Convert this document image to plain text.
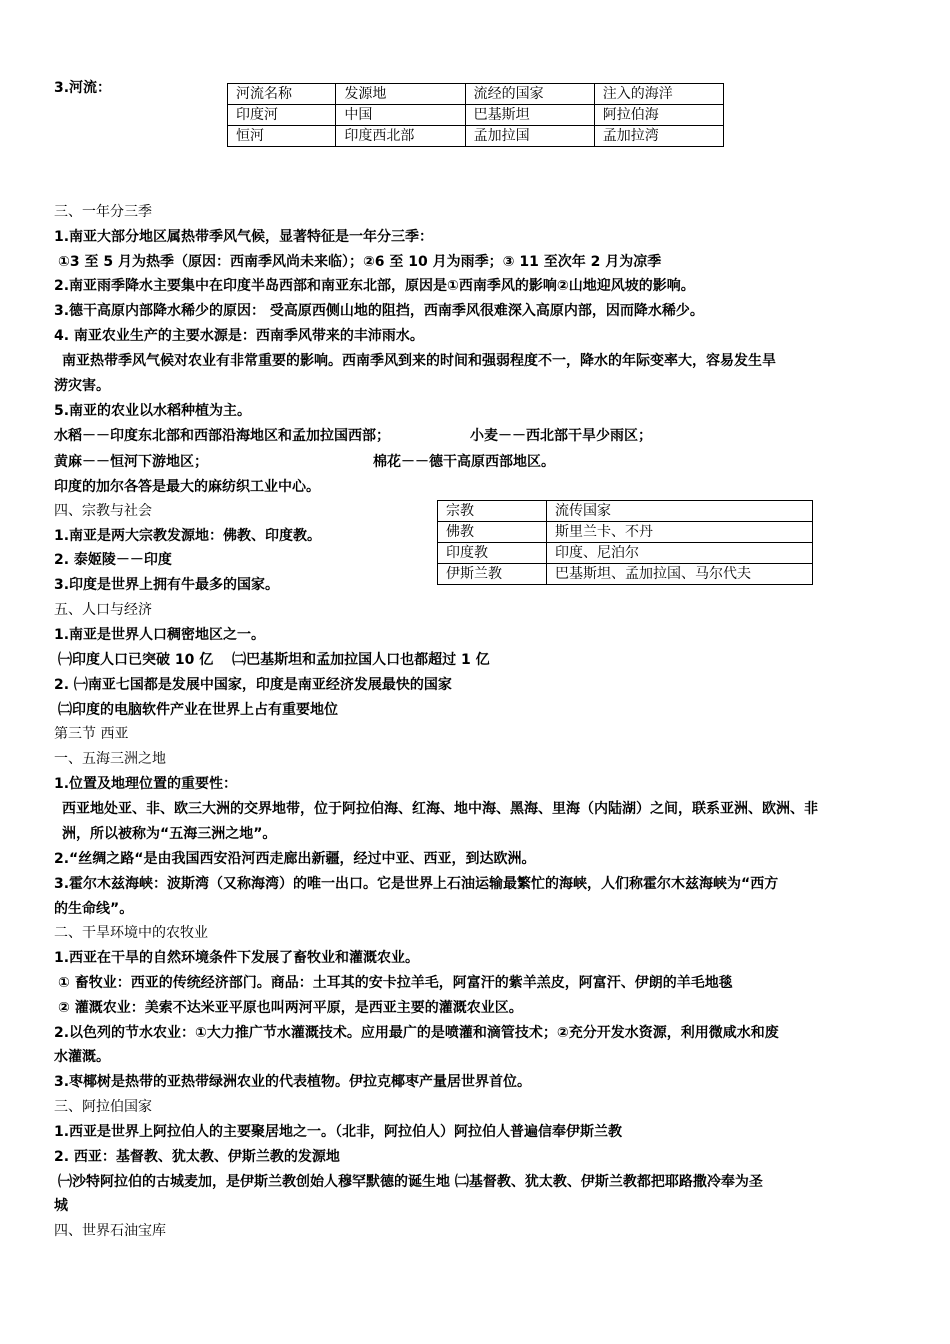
3.河流：	河流名称	发源地	流经的国家	注入的海洋
印度河	中国	巴基斯坦	阿拉伯海
恒河	印度西北部	孟加拉国	孟加拉湾
三、一年分三季
1.南亚大部分地区属热带季风气候，显著特征是一年分三季：
①3 至 5 月为热季（原因：西南季风尚未来临）；②6 至 10 月为雨季；③ 11 至次年 2 月为凉季
2.南亚雨季降水主要集中在印度半岛西部和南亚东北部，原因是①西南季风的影响②山地迎风坡的影响。
3.德干高原内部降水稀少的原因： 受高原西侧山地的阻挡，西南季风很难深入高原内部，因而降水稀少。
4. 南亚农业生产的主要水源是：西南季风带来的丰沛雨水。
南亚热带季风气候对农业有非常重要的影响。西南季风到来的时间和强弱程度不一，降水的年际变率大，容易发生旱
涝灾害。
5.南亚的农业以水稻种植为主。
水稻－－印度东北部和西部沿海地区和孟加拉国西部；	小麦－－西北部干旱少雨区；
黄麻－－恒河下游地区；	棉花－－德干高原西部地区。
印度的加尔各答是最大的麻纺织工业中心。
四、宗教与社会
1.南亚是两大宗教发源地：佛教、印度教。
2. 泰姬陵－－印度
3.印度是世界上拥有牛最多的国家。
宗教	流传国家
佛教	斯里兰卡、不丹
印度教	印度、尼泊尔
伊斯兰教	巴基斯坦、孟加拉国、马尔代夫
五、人口与经济
1.南亚是世界人口稠密地区之一。
㈠印度人口已突破 10 亿　 ㈡巴基斯坦和孟加拉国人口也都超过 1 亿
2. ㈠南亚七国都是发展中国家，印度是南亚经济发展最快的国家
㈡印度的电脑软件产业在世界上占有重要地位
第三节 西亚
一、五海三洲之地
1.位置及地理位置的重要性：
西亚地处亚、非、欧三大洲的交界地带，位于阿拉伯海、红海、地中海、黑海、里海（内陆湖）之间，联系亚洲、欧洲、非
洲，所以被称为“五海三洲之地”。
2.“丝绸之路“是由我国西安沿河西走廊出新疆，经过中亚、西亚，到达欧洲。
3.霍尔木兹海峡：波斯湾（又称海湾）的唯一出口。它是世界上石油运输最繁忙的海峡，人们称霍尔木兹海峡为“西方
的生命线”。
二、干旱环境中的农牧业
1.西亚在干旱的自然环境条件下发展了畜牧业和灌溉农业。
① 畜牧业：西亚的传统经济部门。商品：土耳其的安卡拉羊毛，阿富汗的紫羊羔皮，阿富汗、伊朗的羊毛地毯
② 灌溉农业：美索不达米亚平原也叫两河平原，是西亚主要的灌溉农业区。
2.以色列的节水农业：①大力推广节水灌溉技术。应用最广的是喷灌和滴管技术；②充分开发水资源，利用微咸水和废
水灌溉。
3.枣椰树是热带的亚热带绿洲农业的代表植物。伊拉克椰枣产量居世界首位。
三、阿拉伯国家
1.西亚是世界上阿拉伯人的主要聚居地之一。（北非，阿拉伯人）阿拉伯人普遍信奉伊斯兰教
2. 西亚：基督教、犹太教、伊斯兰教的发源地
㈠沙特阿拉伯的古城麦加，是伊斯兰教创始人穆罕默德的诞生地 ㈡基督教、犹太教、伊斯兰教都把耶路撒冷奉为圣
城
四、世界石油宝库
